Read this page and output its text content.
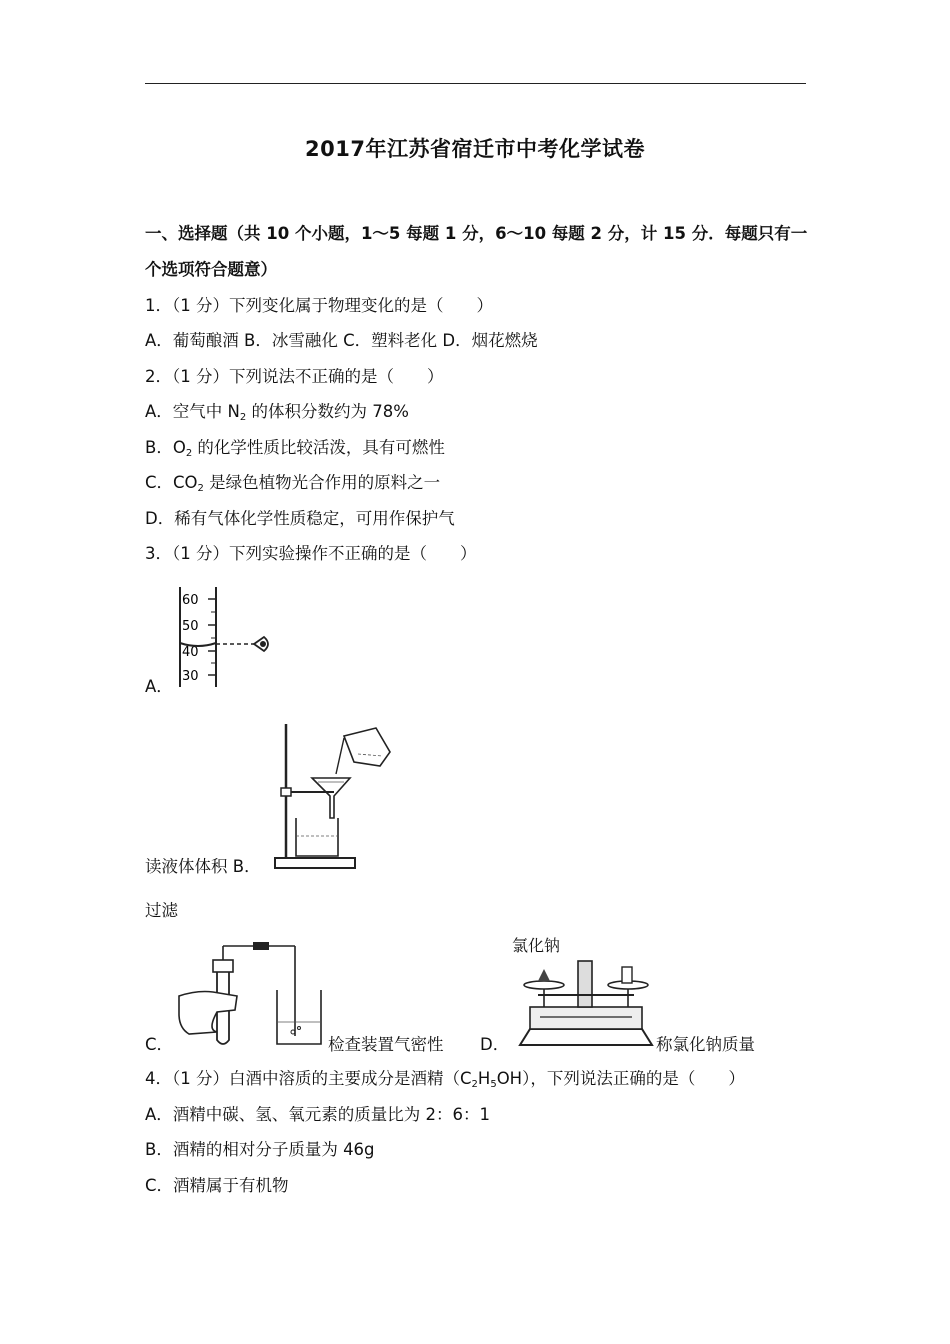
2017年江苏省宿迁市中考化学试卷
一、选择题（共 10 个小题，1～5 每题 1 分，6～10 每题 2 分，计 15 分．每题只有一
个选项符合题意）
1．（1 分）下列变化属于物理变化的是（　　）
A．葡萄酿酒 B．冰雪融化 C．塑料老化 D．烟花燃烧
2．（1 分）下列说法不正确的是（　　）
A．空气中 $N_2$ 的体积分数约为 78%
B．$O_2$ 的化学性质比较活泼，具有可燃性
C．$CO_2$ 是绿色植物光合作用的原料之一
D．稀有气体化学性质稳定，可用作保护气
3．（1 分）下列实验操作不正确的是（　　）
A．
60
50
40
30
读液体体积 B．
过滤
C．	检查装置气密性 D．
氯化钠
称氯化钠质量
4．（1 分）白酒中溶质的主要成分是酒精$(C_2H_5OH)$，下列说法正确的是（　　）
A．酒精中碳、氢、氧元素的质量比为 2：6：1
B．酒精的相对分子质量为 46g
C．酒精属于有机物
